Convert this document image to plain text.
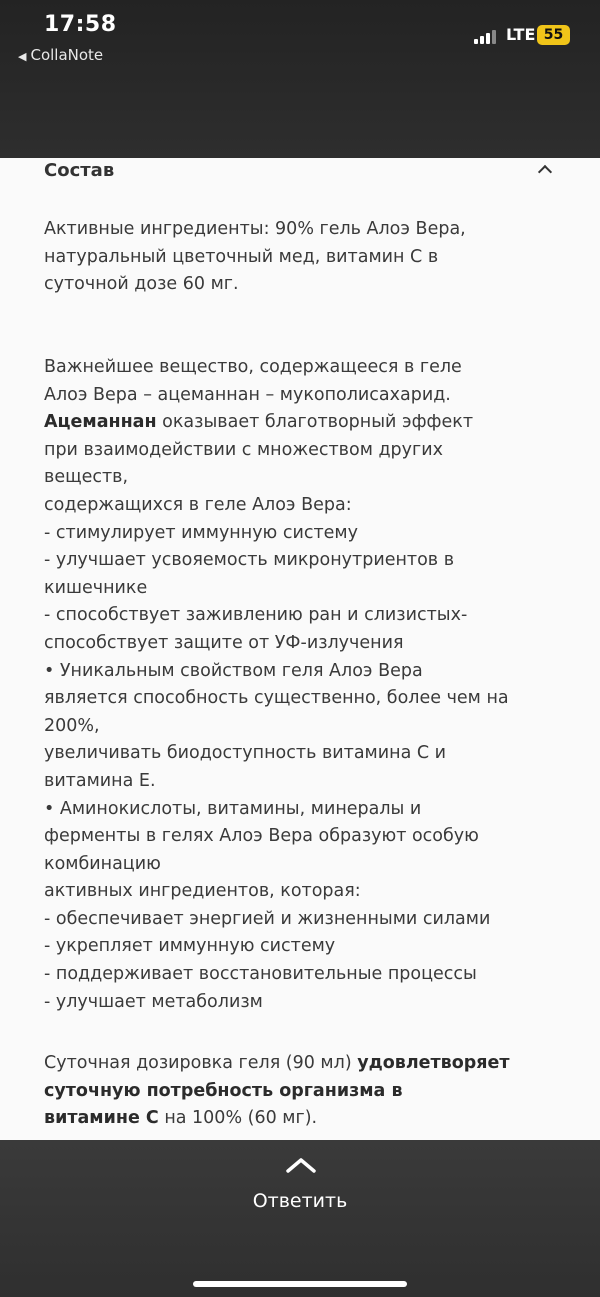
17:58
◀ CollaNote
LTE 55
Состав
Активные ингредиенты: 90% гель Алоэ Вера,
натуральный цветочный мед, витамин С в
суточной дозе 60 мг.
Важнейшее вещество, содержащееся в геле
Алоэ Вера – ацеманнан – мукополисахарид.
Ацеманнан оказывает благотворный эффект
при взаимодействии с множеством других
веществ,
содержащихся в геле Алоэ Вера:
- стимулирует иммунную систему
- улучшает усвояемость микронутриентов в
кишечнике
- способствует заживлению ран и слизистых-
способствует защите от УФ-излучения
• Уникальным свойством геля Алоэ Вера
является способность существенно, более чем на
200%,
увеличивать биодоступность витамина С и
витамина Е.
• Аминокислоты, витамины, минералы и
ферменты в гелях Алоэ Вера образуют особую
комбинацию
активных ингредиентов, которая:
- обеспечивает энергией и жизненными силами
- укрепляет иммунную систему
- поддерживает восстановительные процессы
- улучшает метаболизм
Суточная дозировка геля (90 мл) удовлетворяет
суточную потребность организма в
витамине С на 100% (60 мг).
Ответить
